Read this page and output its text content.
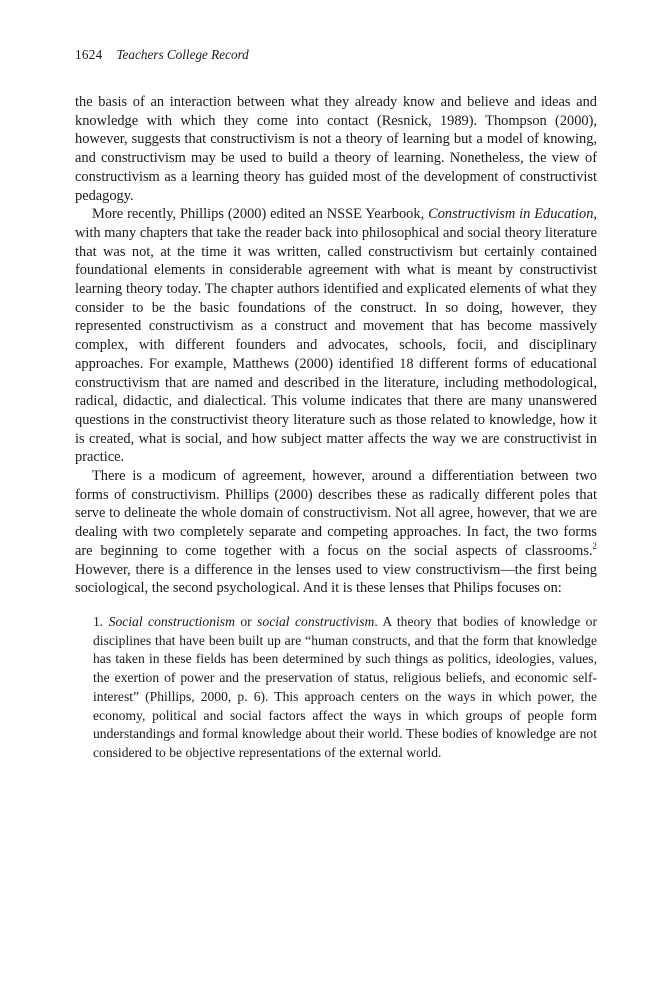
1624 Teachers College Record

the basis of an interaction between what they already know and believe and ideas and knowledge with which they come into contact (Resnick, 1989). Thompson (2000), however, suggests that constructivism is not a theory of learning but a model of knowing, and constructivism may be used to build a theory of learning. Nonetheless, the view of constructivism as a learning theory has guided most of the development of constructivist pedagogy.

More recently, Phillips (2000) edited an NSSE Yearbook, Constructivism in Education, with many chapters that take the reader back into philosophical and social theory literature that was not, at the time it was written, called constructivism but certainly contained foundational elements in considerable agreement with what is meant by constructivist learning theory today. The chapter authors identified and explicated elements of what they consider to be the basic foundations of the construct. In so doing, however, they represented constructivism as a construct and movement that has become massively complex, with different founders and advocates, schools, focii, and disciplinary approaches. For example, Matthews (2000) identified 18 different forms of educational constructivism that are named and described in the literature, including methodological, radical, didactic, and dialectical. This volume indicates that there are many unanswered questions in the constructivist theory literature such as those related to knowledge, how it is created, what is social, and how subject matter affects the way we are constructivist in practice.

There is a modicum of agreement, however, around a differentiation between two forms of constructivism. Phillips (2000) describes these as radically different poles that serve to delineate the whole domain of constructivism. Not all agree, however, that we are dealing with two completely separate and competing approaches. In fact, the two forms are beginning to come together with a focus on the social aspects of classrooms.$^2$ However, there is a difference in the lenses used to view constructivism—the first being sociological, the second psychological. And it is these lenses that Philips focuses on:

1. Social constructionism or social constructivism. A theory that bodies of knowledge or disciplines that have been built up are “human constructs, and that the form that knowledge has taken in these fields has been determined by such things as politics, ideologies, values, the exertion of power and the preservation of status, religious beliefs, and economic self-interest” (Phillips, 2000, p. 6). This approach centers on the ways in which power, the economy, political and social factors affect the ways in which groups of people form understandings and formal knowledge about their world. These bodies of knowledge are not considered to be objective representations of the external world.
